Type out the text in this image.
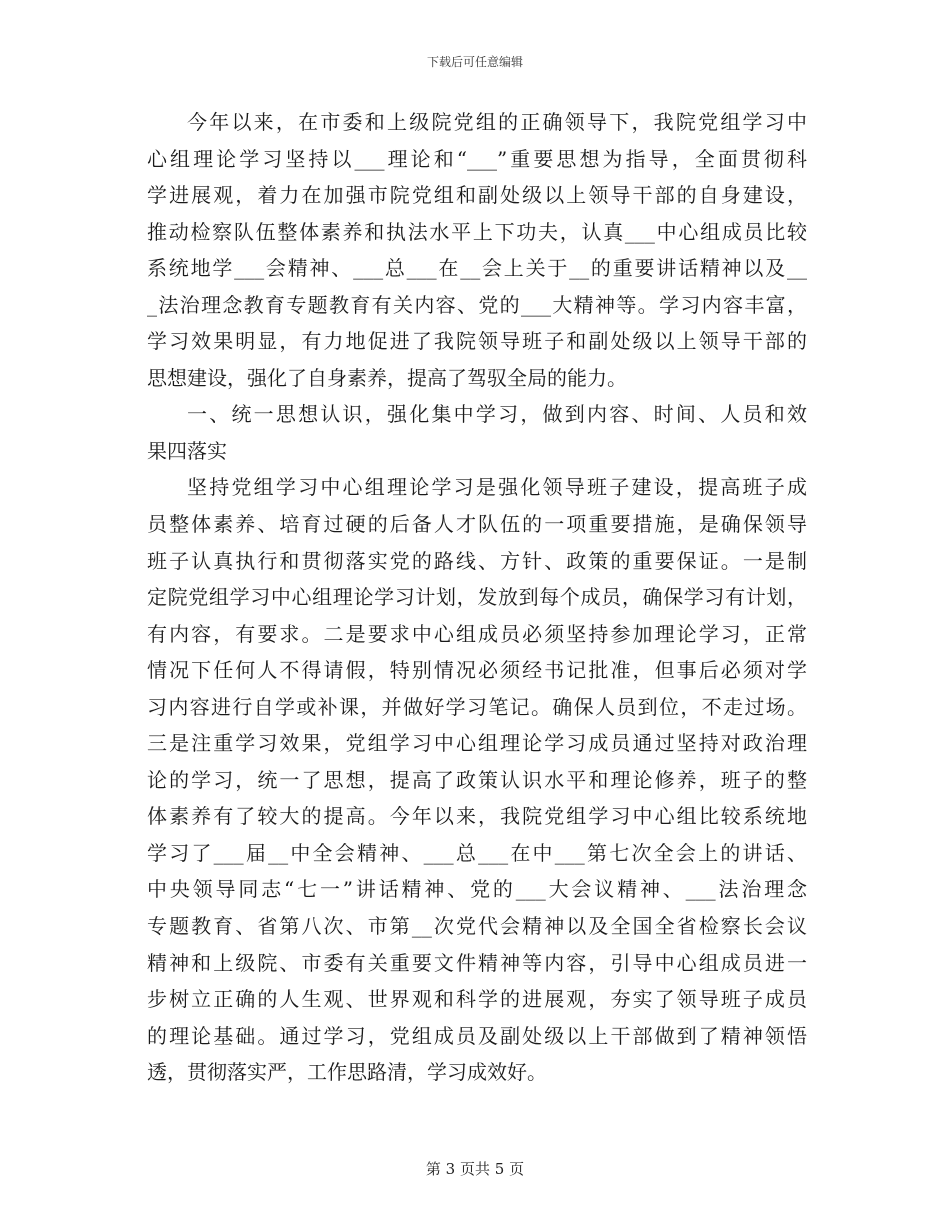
下载后可任意编辑
今年以来，在市委和上级院党组的正确领导下，我院党组学习中
心组理论学习坚持以___理论和“___”重要思想为指导，全面贯彻科
学进展观，着力在加强市院党组和副处级以上领导干部的自身建设，
推动检察队伍整体素养和执法水平上下功夫，认真___中心组成员比较
系统地学___会精神、___总___在__会上关于__的重要讲话精神以及__
_法治理念教育专题教育有关内容、党的___大精神等。学习内容丰富，
学习效果明显，有力地促进了我院领导班子和副处级以上领导干部的
思想建设，强化了自身素养，提高了驾驭全局的能力。
一、统一思想认识，强化集中学习，做到内容、时间、人员和效
果四落实
坚持党组学习中心组理论学习是强化领导班子建设，提高班子成
员整体素养、培育过硬的后备人才队伍的一项重要措施，是确保领导
班子认真执行和贯彻落实党的路线、方针、政策的重要保证。一是制
定院党组学习中心组理论学习计划，发放到每个成员，确保学习有计划，
有内容，有要求。二是要求中心组成员必须坚持参加理论学习，正常
情况下任何人不得请假，特别情况必须经书记批准，但事后必须对学
习内容进行自学或补课，并做好学习笔记。确保人员到位，不走过场。
三是注重学习效果，党组学习中心组理论学习成员通过坚持对政治理
论的学习，统一了思想，提高了政策认识水平和理论修养，班子的整
体素养有了较大的提高。今年以来，我院党组学习中心组比较系统地
学习了___届__中全会精神、___总___在中___第七次全会上的讲话、
中央领导同志“七一”讲话精神、党的___大会议精神、___法治理念
专题教育、省第八次、市第__次党代会精神以及全国全省检察长会议
精神和上级院、市委有关重要文件精神等内容，引导中心组成员进一
步树立正确的人生观、世界观和科学的进展观，夯实了领导班子成员
的理论基础。通过学习，党组成员及副处级以上干部做到了精神领悟
透，贯彻落实严，工作思路清，学习成效好。
第 3 页共 5 页
